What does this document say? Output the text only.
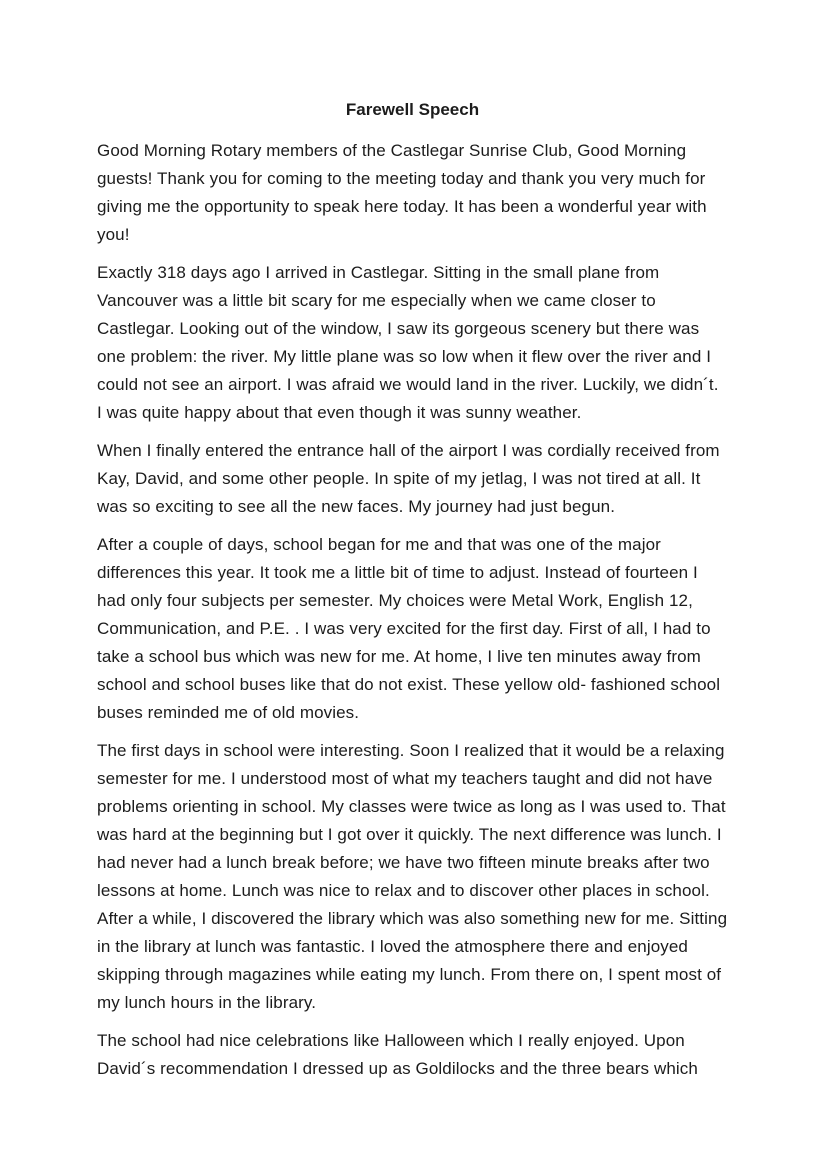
Farewell Speech

Good Morning Rotary members of the Castlegar Sunrise Club, Good Morning guests! Thank you for coming to the meeting today and thank you very much for giving me the opportunity to speak here today. It has been a wonderful year with you!

Exactly 318 days ago I arrived in Castlegar. Sitting in the small plane from Vancouver was a little bit scary for me especially when we came closer to Castlegar. Looking out of the window, I saw its gorgeous scenery but there was one problem: the river. My little plane was so low when it flew over the river and I could not see an airport. I was afraid we would land in the river. Luckily, we didn´t. I was quite happy about that even though it was sunny weather.

When I finally entered the entrance hall of the airport I was cordially received from Kay, David, and some other people. In spite of my jetlag, I was not tired at all. It was so exciting to see all the new faces. My journey had just begun.

After a couple of days, school began for me and that was one of the major differences this year. It took me a little bit of time to adjust. Instead of fourteen I had only four subjects per semester. My choices were Metal Work, English 12, Communication, and P.E. . I was very excited for the first day. First of all, I had to take a school bus which was new for me. At home, I live ten minutes away from school and school buses like that do not exist. These yellow old- fashioned school buses reminded me of old movies.

The first days in school were interesting. Soon I realized that it would be a relaxing semester for me. I understood most of what my teachers taught and did not have problems orienting in school. My classes were twice as long as I was used to. That was hard at the beginning but I got over it quickly. The next difference was lunch. I had never had a lunch break before; we have two fifteen minute breaks after two lessons at home. Lunch was nice to relax and to discover other places in school. After a while, I discovered the library which was also something new for me. Sitting in the library at lunch was fantastic. I loved the atmosphere there and enjoyed skipping through magazines while eating my lunch. From there on, I spent most of my lunch hours in the library.

The school had nice celebrations like Halloween which I really enjoyed. Upon David´s recommendation I dressed up as Goldilocks and the three bears which
